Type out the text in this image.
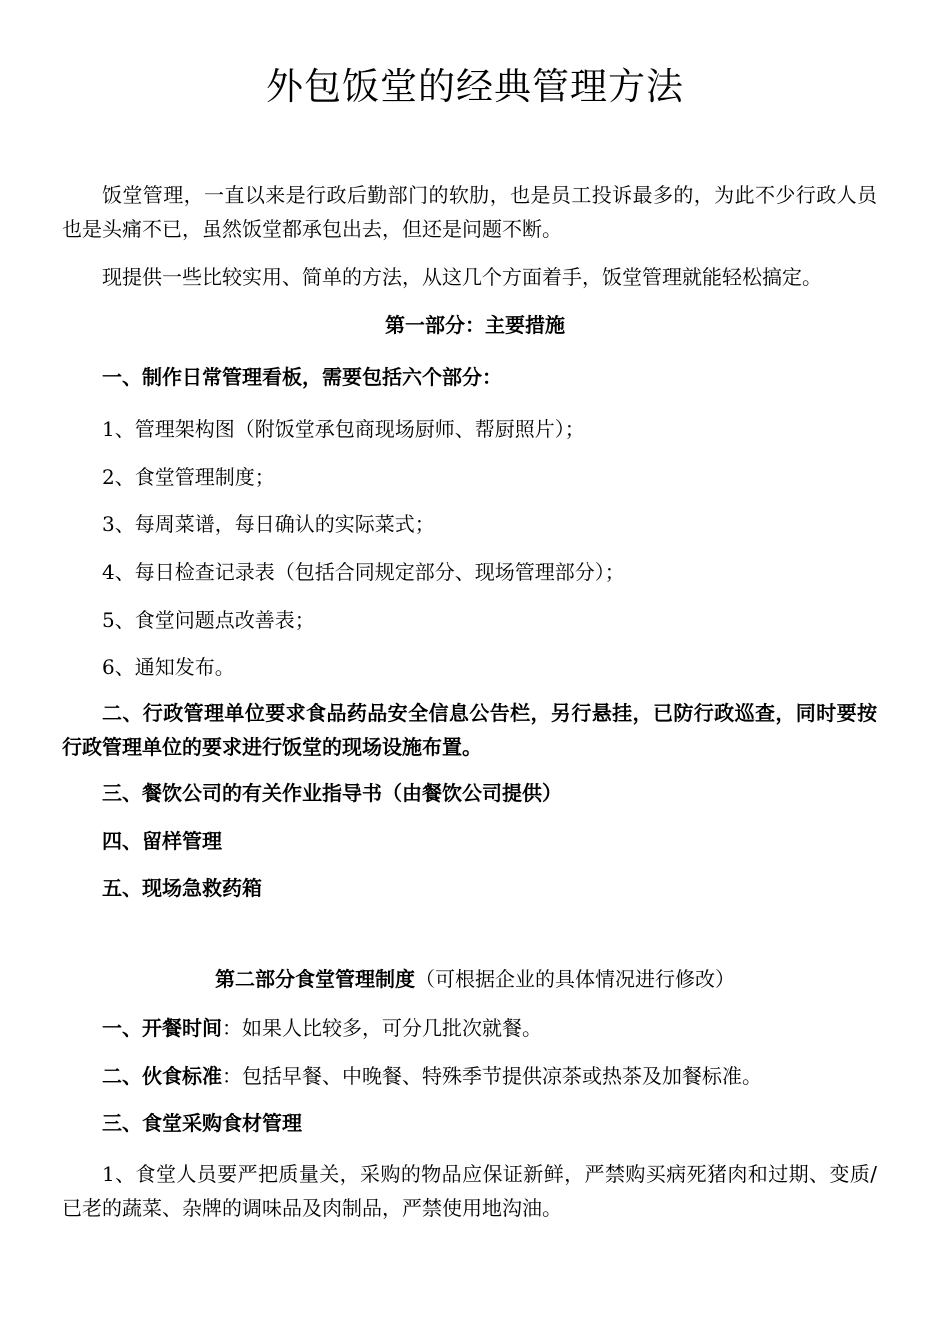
外包饭堂的经典管理方法

饭堂管理，一直以来是行政后勤部门的软肋，也是员工投诉最多的，为此不少行政人员也是头痛不已，虽然饭堂都承包出去，但还是问题不断。

现提供一些比较实用、简单的方法，从这几个方面着手，饭堂管理就能轻松搞定。

第一部分：主要措施

一、制作日常管理看板，需要包括六个部分：

1、管理架构图（附饭堂承包商现场厨师、帮厨照片）；

2、食堂管理制度；

3、每周菜谱，每日确认的实际菜式；

4、每日检查记录表（包括合同规定部分、现场管理部分）；

5、食堂问题点改善表；

6、通知发布。

二、行政管理单位要求食品药品安全信息公告栏，另行悬挂，已防行政巡查，同时要按行政管理单位的要求进行饭堂的现场设施布置。

三、餐饮公司的有关作业指导书（由餐饮公司提供）

四、留样管理

五、现场急救药箱

第二部分食堂管理制度（可根据企业的具体情况进行修改）

一、开餐时间：如果人比较多，可分几批次就餐。

二、伙食标准：包括早餐、中晚餐、特殊季节提供凉茶或热茶及加餐标准。

三、食堂采购食材管理

1、食堂人员要严把质量关，采购的物品应保证新鲜，严禁购买病死猪肉和过期、变质/已老的蔬菜、杂牌的调味品及肉制品，严禁使用地沟油。
